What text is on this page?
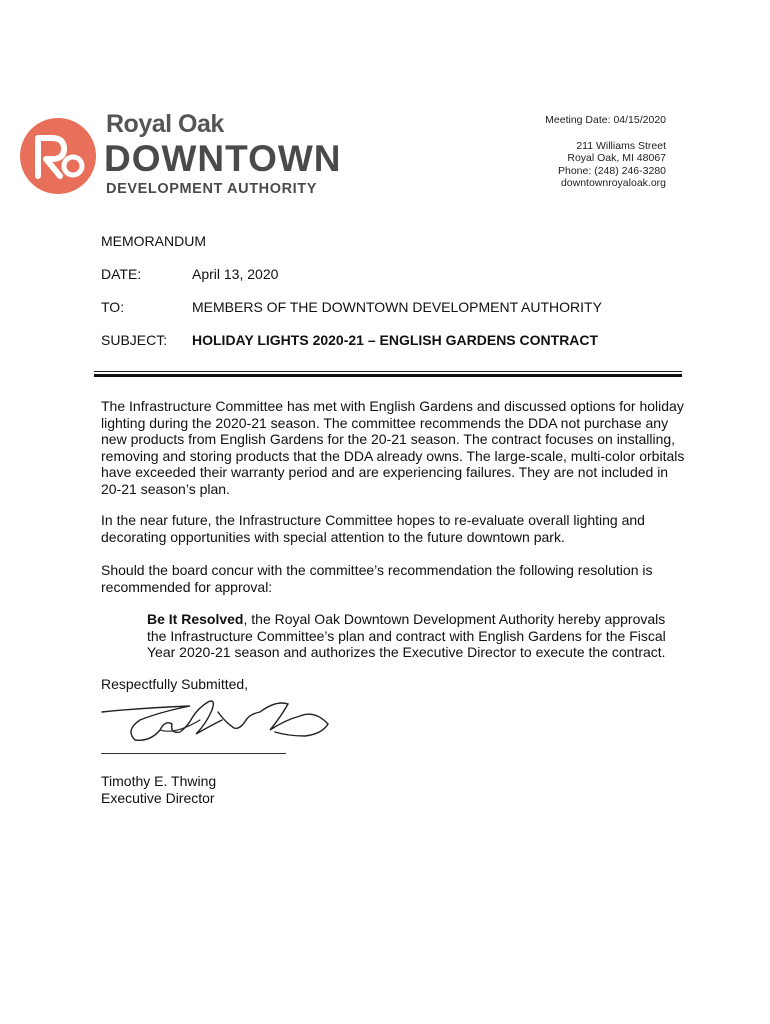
Royal Oak
DOWNTOWN
DEVELOPMENT AUTHORITY
Meeting Date: 04/15/2020
211 Williams Street
Royal Oak, MI 48067
Phone: (248) 246-3280
downtownroyaloak.org
MEMORANDUM
DATE:	April 13, 2020
TO:	MEMBERS OF THE DOWNTOWN DEVELOPMENT AUTHORITY
SUBJECT:	HOLIDAY LIGHTS 2020-21 – ENGLISH GARDENS CONTRACT
The Infrastructure Committee has met with English Gardens and discussed options for holiday lighting during the 2020-21 season. The committee recommends the DDA not purchase any new products from English Gardens for the 20-21 season. The contract focuses on installing, removing and storing products that the DDA already owns. The large-scale, multi-color orbitals have exceeded their warranty period and are experiencing failures. They are not included in 20-21 season’s plan.
In the near future, the Infrastructure Committee hopes to re-evaluate overall lighting and decorating opportunities with special attention to the future downtown park.
Should the board concur with the committee’s recommendation the following resolution is recommended for approval:
Be It Resolved, the Royal Oak Downtown Development Authority hereby approvals the Infrastructure Committee’s plan and contract with English Gardens for the Fiscal Year 2020-21 season and authorizes the Executive Director to execute the contract.
Respectfully Submitted,
Timothy E. Thwing
Executive Director
